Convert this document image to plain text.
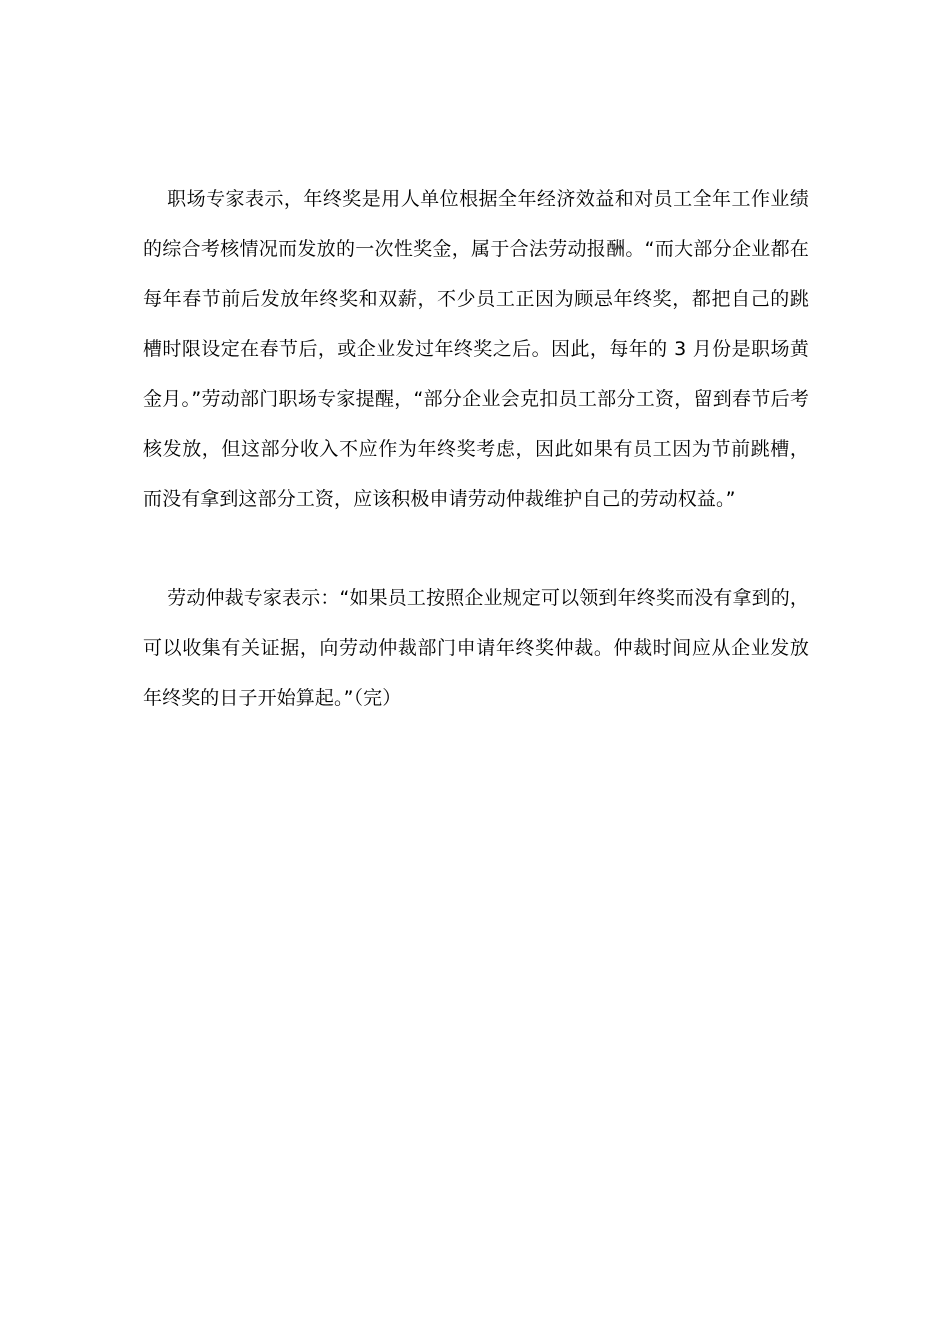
职场专家表示，年终奖是用人单位根据全年经济效益和对员工全年工作业绩的综合考核情况而发放的一次性奖金，属于合法劳动报酬。“而大部分企业都在每年春节前后发放年终奖和双薪，不少员工正因为顾忌年终奖，都把自己的跳槽时限设定在春节后，或企业发过年终奖之后。因此，每年的 3 月份是职场黄金月。”劳动部门职场专家提醒，“部分企业会克扣员工部分工资，留到春节后考核发放，但这部分收入不应作为年终奖考虑，因此如果有员工因为节前跳槽，而没有拿到这部分工资，应该积极申请劳动仲裁维护自己的劳动权益。”

劳动仲裁专家表示：“如果员工按照企业规定可以领到年终奖而没有拿到的，可以收集有关证据，向劳动仲裁部门申请年终奖仲裁。仲裁时间应从企业发放年终奖的日子开始算起。”（完）
